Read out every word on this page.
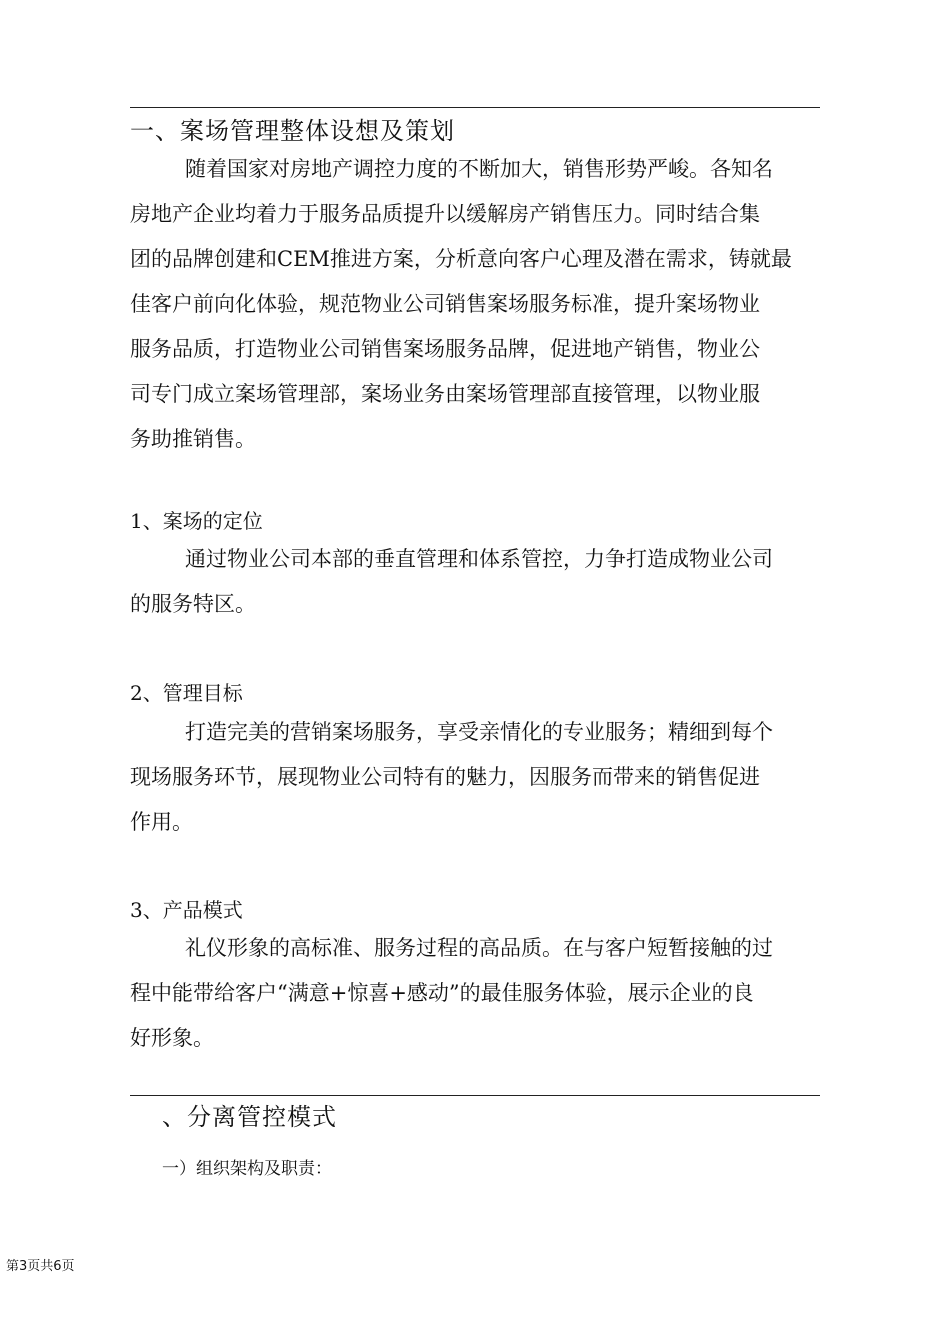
一、案场管理整体设想及策划
随着国家对房地产调控力度的不断加大，销售形势严峻。各知名
房地产企业均着力于服务品质提升以缓解房产销售压力。同时结合集
团的品牌创建和CEM推进方案，分析意向客户心理及潜在需求，铸就最
佳客户前向化体验，规范物业公司销售案场服务标准，提升案场物业
服务品质，打造物业公司销售案场服务品牌，促进地产销售，物业公
司专门成立案场管理部，案场业务由案场管理部直接管理，以物业服
务助推销售。
1、案场的定位
通过物业公司本部的垂直管理和体系管控，力争打造成物业公司
的服务特区。
2、管理目标
打造完美的营销案场服务，享受亲情化的专业服务；精细到每个
现场服务环节，展现物业公司特有的魅力，因服务而带来的销售促进
作用。
3、产品模式
礼仪形象的高标准、服务过程的高品质。在与客户短暂接触的过
程中能带给客户“满意+惊喜+感动”的最佳服务体验，展示企业的良
好形象。
、分离管控模式
一）组织架构及职责：
第3页共6页
